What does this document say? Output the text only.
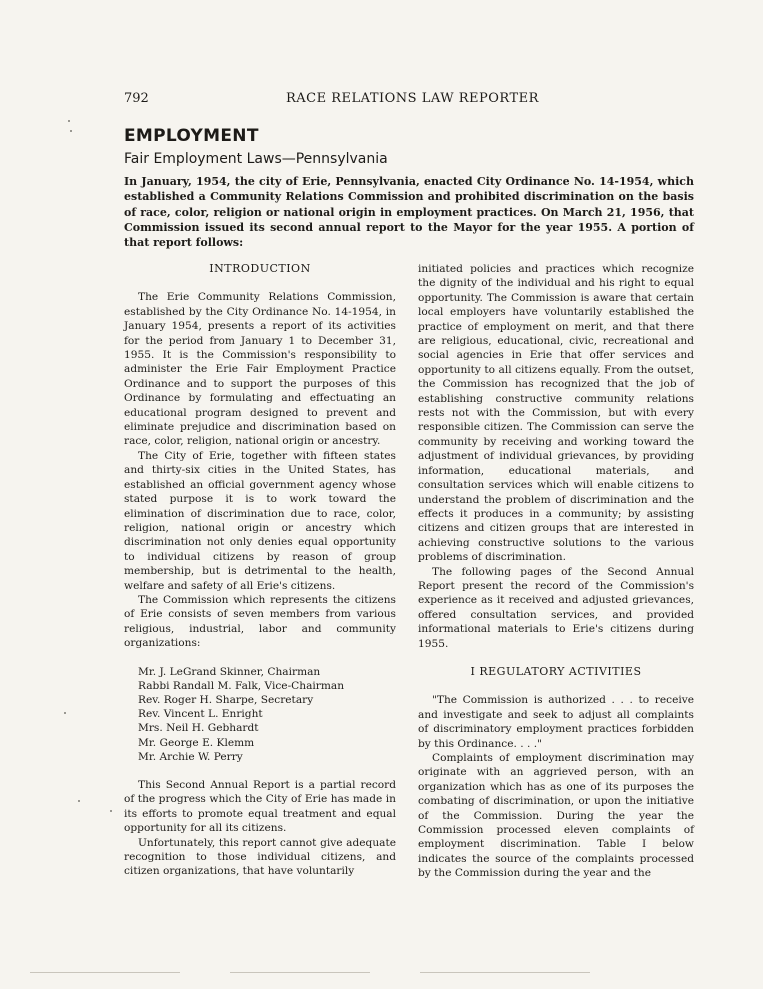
792	RACE RELATIONS LAW REPORTER
EMPLOYMENT
Fair Employment Laws—Pennsylvania

In January, 1954, the city of Erie, Pennsylvania, enacted City Ordinance No. 14-1954, which established a Community Relations Commission and prohibited discrimination on the basis of race, color, religion or national origin in employment practices. On March 21, 1956, that Commission issued its second annual report to the Mayor for the year 1955. A portion of that report follows:

INTRODUCTION

The Erie Community Relations Commission, established by the City Ordinance No. 14-1954, in January 1954, presents a report of its activities for the period from January 1 to December 31, 1955. It is the Commission's responsibility to administer the Erie Fair Employment Practice Ordinance and to support the purposes of this Ordinance by formulating and effectuating an educational program designed to prevent and eliminate prejudice and discrimination based on race, color, religion, national origin or ancestry.

The City of Erie, together with fifteen states and thirty-six cities in the United States, has established an official government agency whose stated purpose it is to work toward the elimination of discrimination due to race, color, religion, national origin or ancestry which discrimination not only denies equal opportunity to individual citizens by reason of group membership, but is detrimental to the health, welfare and safety of all Erie's citizens.

The Commission which represents the citizens of Erie consists of seven members from various religious, industrial, labor and community organizations:

Mr. J. LeGrand Skinner, Chairman
Rabbi Randall M. Falk, Vice-Chairman
Rev. Roger H. Sharpe, Secretary
Rev. Vincent L. Enright
Mrs. Neil H. Gebhardt
Mr. George E. Klemm
Mr. Archie W. Perry

This Second Annual Report is a partial record of the progress which the City of Erie has made in its efforts to promote equal treatment and equal opportunity for all its citizens.

Unfortunately, this report cannot give adequate recognition to those individual citizens, and citizen organizations, that have voluntarily

initiated policies and practices which recognize the dignity of the individual and his right to equal opportunity. The Commission is aware that certain local employers have voluntarily established the practice of employment on merit, and that there are religious, educational, civic, recreational and social agencies in Erie that offer services and opportunity to all citizens equally. From the outset, the Commission has recognized that the job of establishing constructive community relations rests not with the Commission, but with every responsible citizen. The Commission can serve the community by receiving and working toward the adjustment of individual grievances, by providing information, educational materials, and consultation services which will enable citizens to understand the problem of discrimination and the effects it produces in a community; by assisting citizens and citizen groups that are interested in achieving constructive solutions to the various problems of discrimination.

The following pages of the Second Annual Report present the record of the Commission's experience as it received and adjusted grievances, offered consultation services, and provided informational materials to Erie's citizens during 1955.

I REGULATORY ACTIVITIES

"The Commission is authorized . . . to receive and investigate and seek to adjust all complaints of discriminatory employment practices forbidden by this Ordinance. . . ."

Complaints of employment discrimination may originate with an aggrieved person, with an organization which has as one of its purposes the combating of discrimination, or upon the initiative of the Commission. During the year the Commission processed eleven complaints of employment discrimination. Table I below indicates the source of the complaints processed by the Commission during the year and the
